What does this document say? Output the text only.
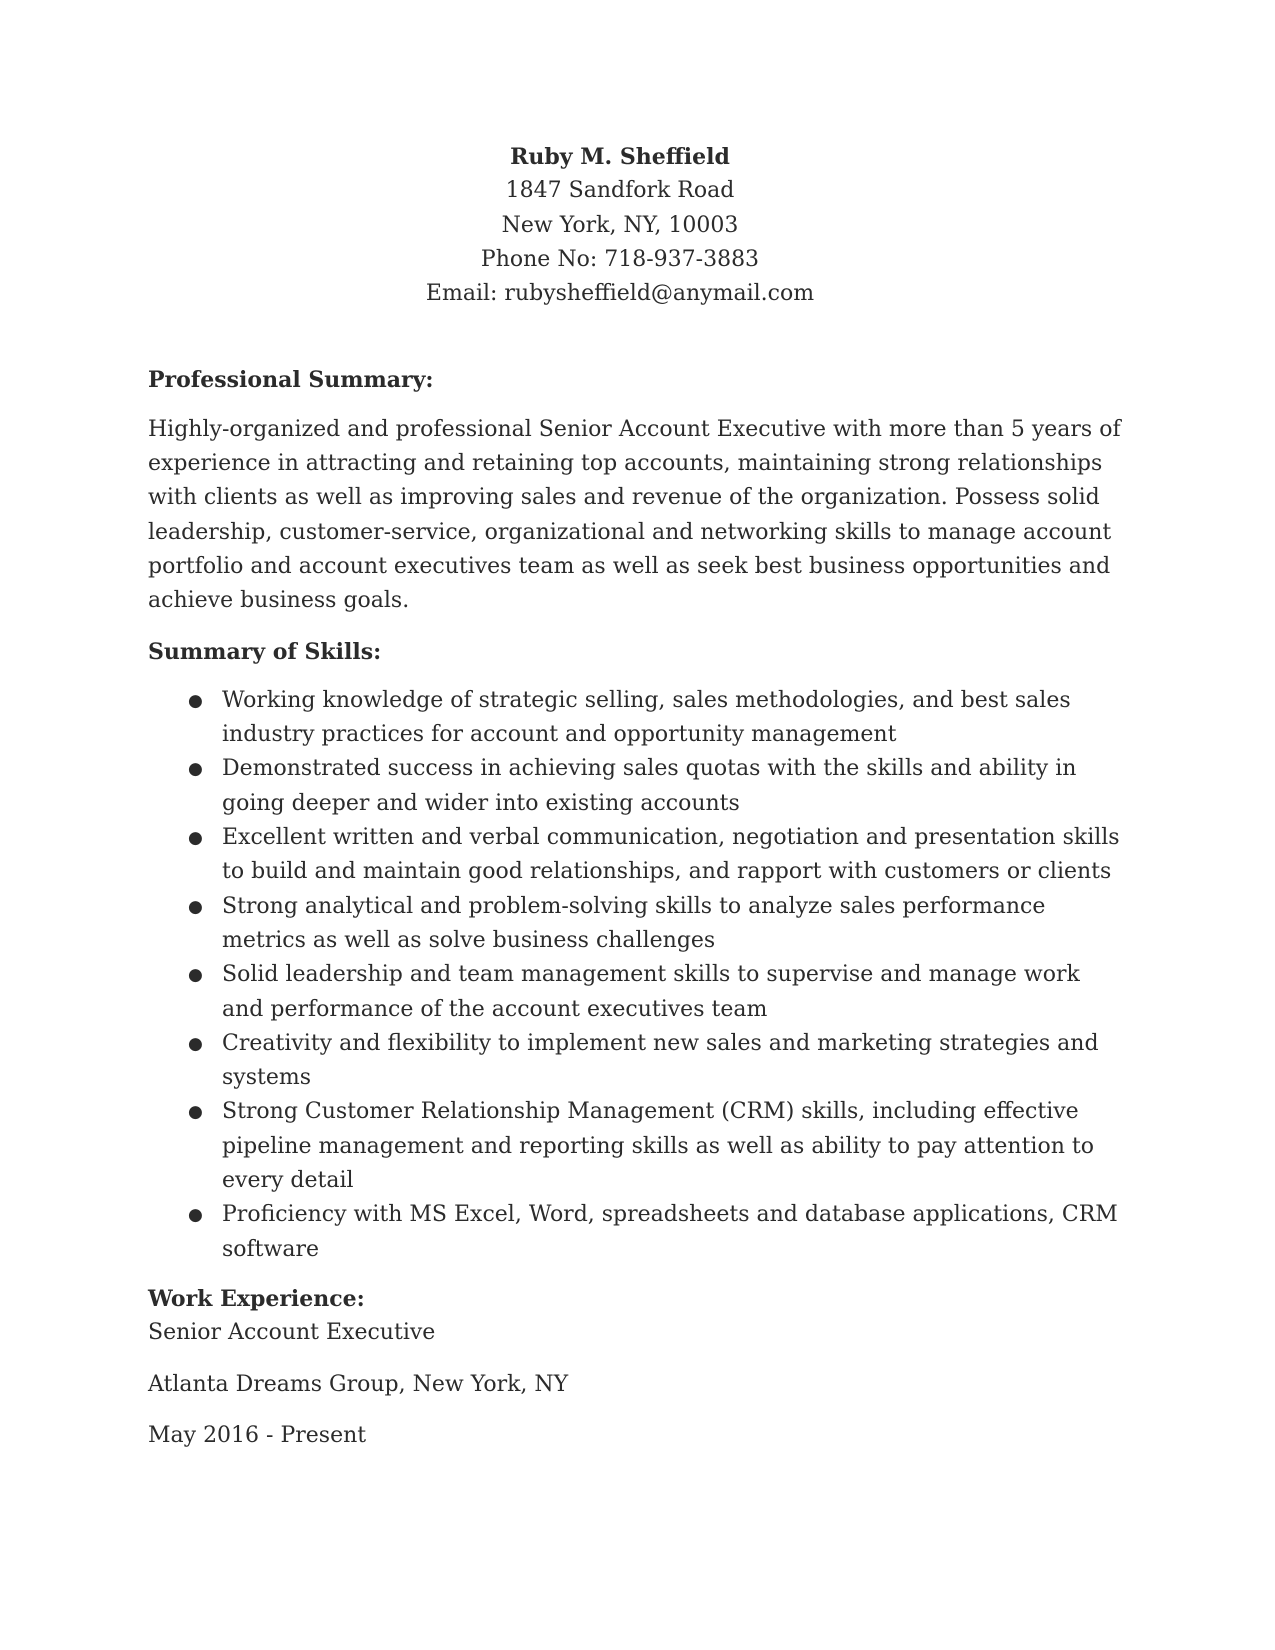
Ruby M. Sheffield
1847 Sandfork Road
New York, NY, 10003
Phone No: 718-937-3883
Email: rubysheffield@anymail.com
Professional Summary:
Highly-organized and professional Senior Account Executive with more than 5 years of experience in attracting and retaining top accounts, maintaining strong relationships with clients as well as improving sales and revenue of the organization. Possess solid leadership, customer-service, organizational and networking skills to manage account portfolio and account executives team as well as seek best business opportunities and achieve business goals.
Summary of Skills:
● Working knowledge of strategic selling, sales methodologies, and best sales industry practices for account and opportunity management
● Demonstrated success in achieving sales quotas with the skills and ability in going deeper and wider into existing accounts
● Excellent written and verbal communication, negotiation and presentation skills to build and maintain good relationships, and rapport with customers or clients
● Strong analytical and problem-solving skills to analyze sales performance metrics as well as solve business challenges
● Solid leadership and team management skills to supervise and manage work and performance of the account executives team
● Creativity and flexibility to implement new sales and marketing strategies and systems
● Strong Customer Relationship Management (CRM) skills, including effective pipeline management and reporting skills as well as ability to pay attention to every detail
● Proficiency with MS Excel, Word, spreadsheets and database applications, CRM software
Work Experience:
Senior Account Executive
Atlanta Dreams Group, New York, NY
May 2016 - Present
